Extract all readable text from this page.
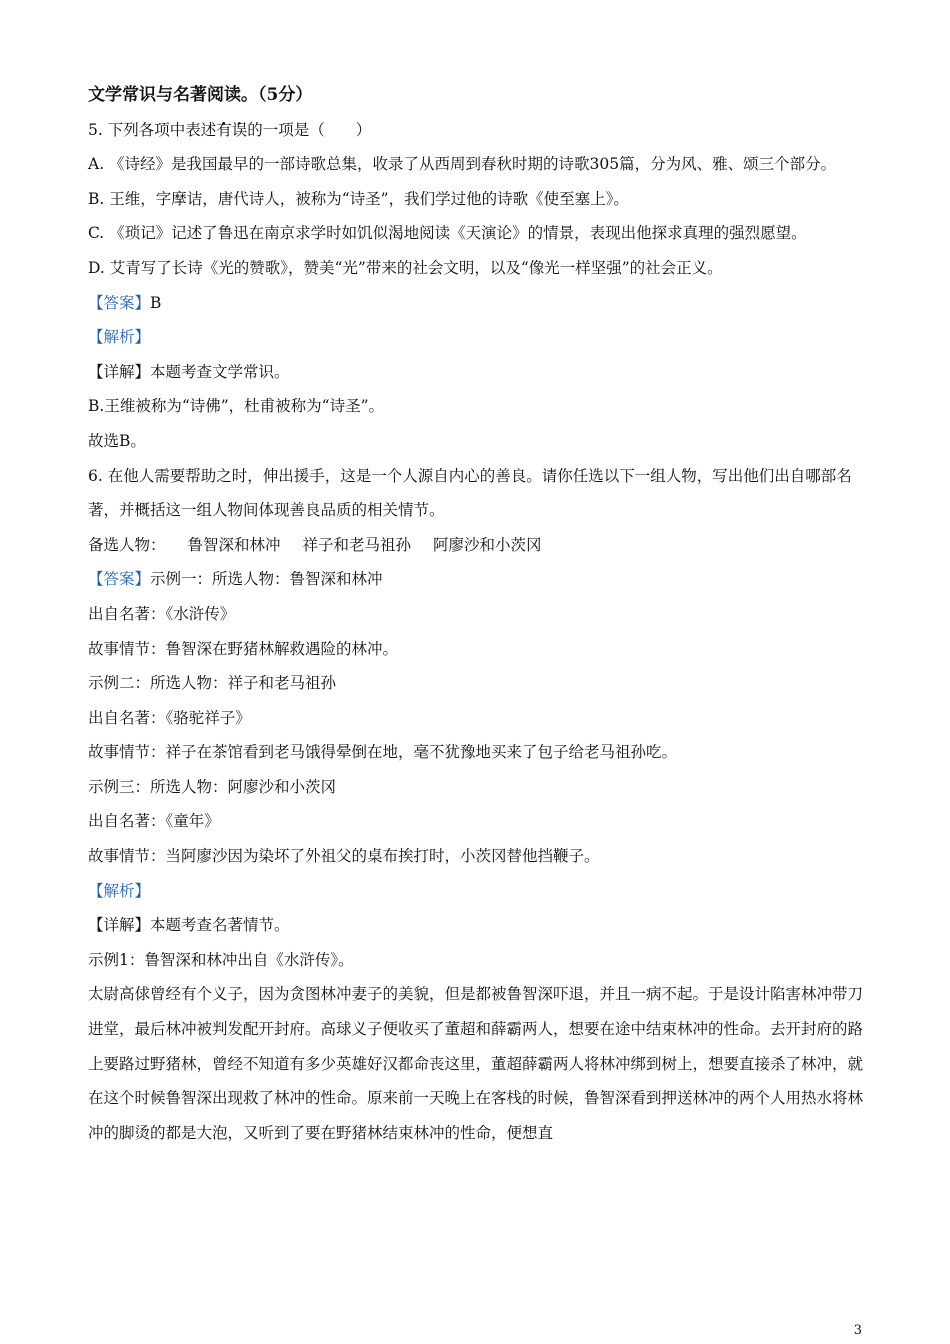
文学常识与名著阅读。（5分）
5. 下列各项中表述· 有· 误的一项是（　　）
A. 《诗经》是我国最早的一部诗歌总集，收录了从西周到春秋时期的诗歌305篇，分为风、雅、颂三个部分。
B. 王维，字摩诘，唐代诗人，被称为“诗圣”，我们学过他的诗歌《使至塞上》。
C. 《琐记》记述了鲁迅在南京求学时如饥似渴地阅读《天演论》的情景，表现出他探求真理的强烈愿望。
D. 艾青写了长诗《光的赞歌》，赞美“光”带来的社会文明，以及“像光一样坚强”的社会正义。
【答案】B
【解析】
【详解】本题考查文学常识。
B.王维被称为“诗佛”，杜甫被称为“诗圣”。
故选B。
6. 在他人需要帮助之时，伸出援手，这是一个人源自内心的善良。请你任选以下一组人物，写出他们出自哪部名著，并概括这一组人物间体现善良品质的相关情节。
备选人物： 鲁智深和林冲 祥子和老马祖孙 阿廖沙和小茨冈
【答案】示例一：所选人物：鲁智深和林冲
出自名著：《水浒传》
故事情节：鲁智深在野猪林解救遇险的林冲。
示例二：所选人物：祥子和老马祖孙
出自名著：《骆驼祥子》
故事情节：祥子在茶馆看到老马饿得晕倒在地，毫不犹豫地买来了包子给老马祖孙吃。
示例三：所选人物：阿廖沙和小茨冈
出自名著：《童年》
故事情节：当阿廖沙因为染坏了外祖父的桌布挨打时，小茨冈替他挡鞭子。
【解析】
【详解】本题考查名著情节。
示例1：鲁智深和林冲出自《水浒传》。
太尉高俅曾经有个义子，因为贪图林冲妻子的美貌，但是都被鲁智深吓退，并且一病不起。于是设计陷害林冲带刀进堂，最后林冲被判发配开封府。高球义子便收买了董超和薛霸两人，想要在途中结束林冲的性命。去开封府的路上要路过野猪林，曾经不知道有多少英雄好汉都命丧这里，董超薛霸两人将林冲绑到树上，想要直接杀了林冲，就在这个时候鲁智深出现救了林冲的性命。原来前一天晚上在客栈的时候，鲁智深看到押送林冲的两个人用热水将林冲的脚烫的都是大泡，又听到了要在野猪林结束林冲的性命，便想直
3
